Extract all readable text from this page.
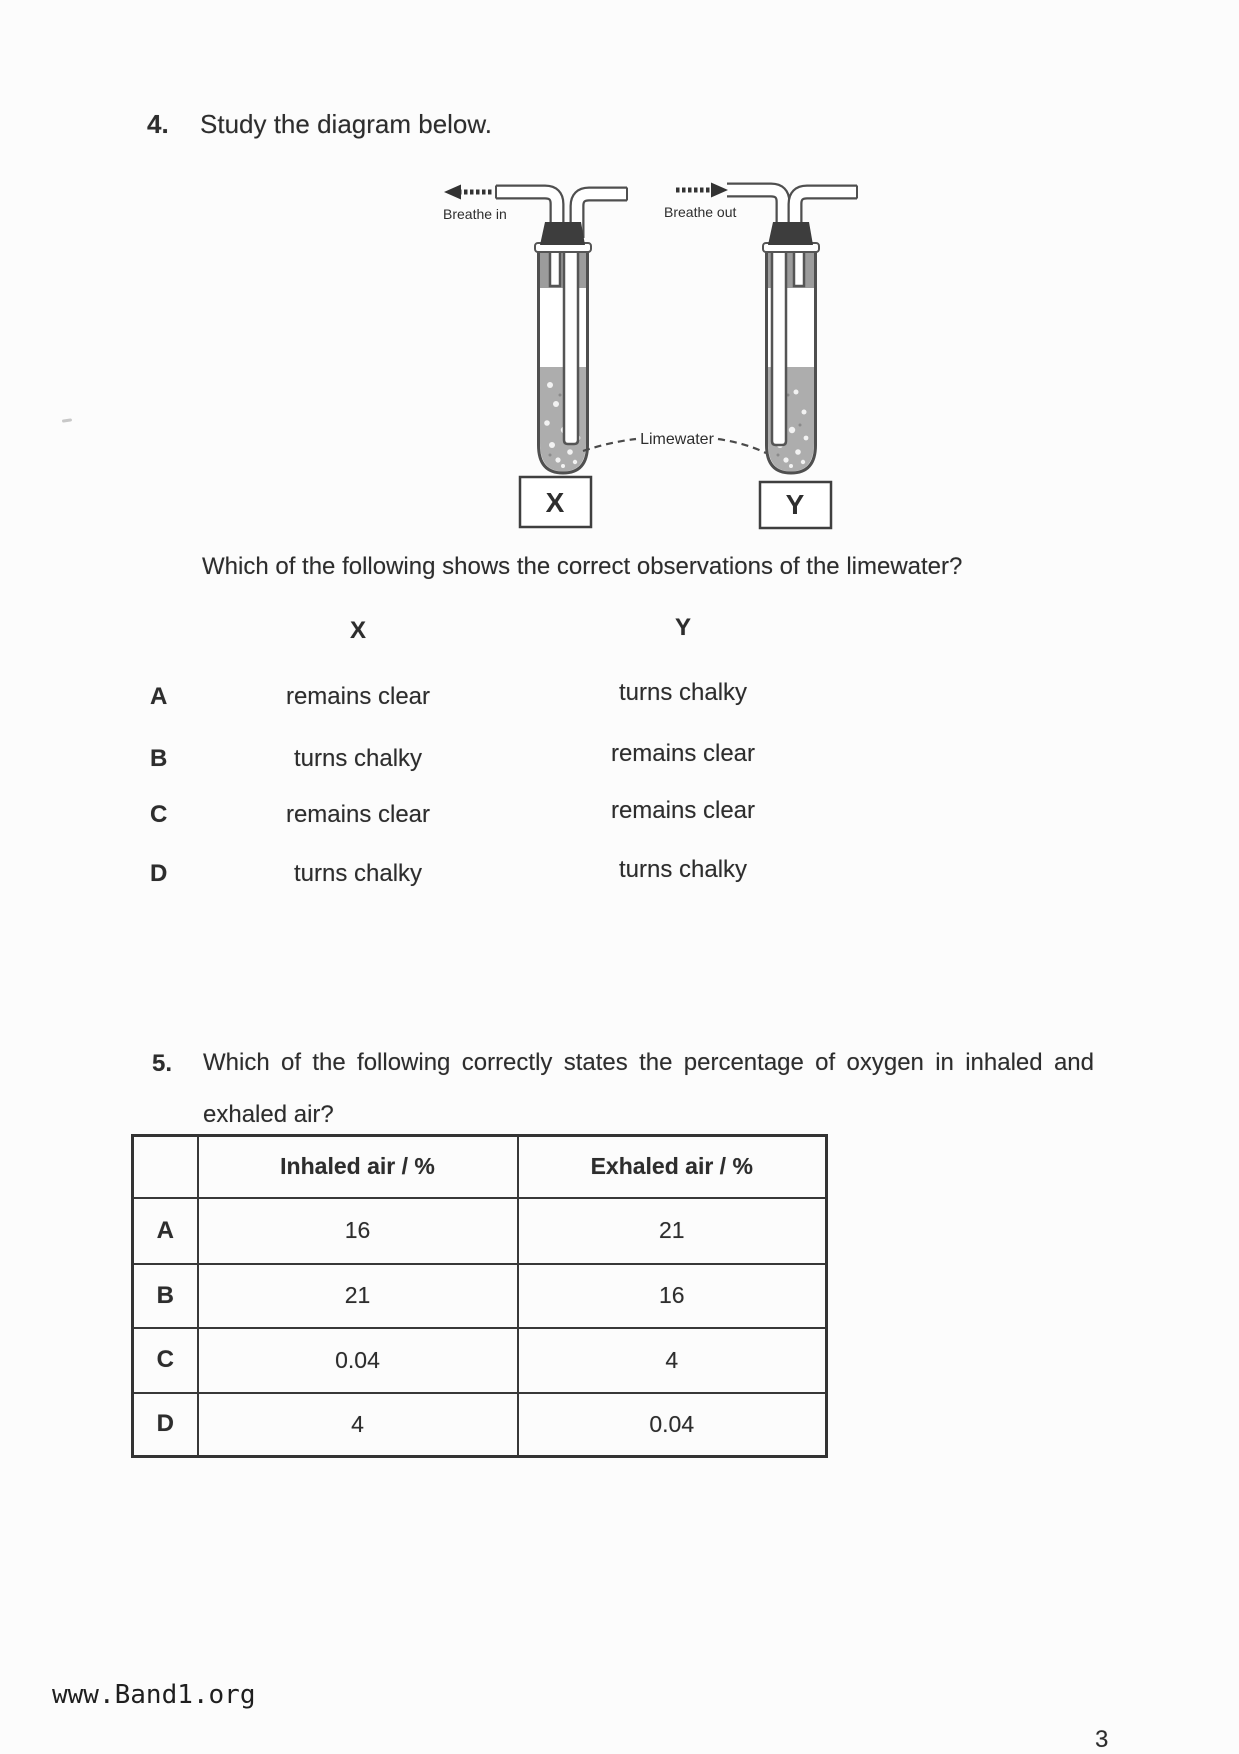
4. Study the diagram below.
Breathe in
X
Breathe out
Y
Limewater
Which of the following shows the correct observations of the limewater?
X	Y
A	remains clear	turns chalky
B	turns chalky	remains clear
C	remains clear	remains clear
D	turns chalky	turns chalky
5. Which of the following correctly states the percentage of oxygen in inhaled and
exhaled air?
	Inhaled air / %	Exhaled air / %
A	16	21
B	21	16
C	0.04	4
D	4	0.04
www.Band1.org
3
